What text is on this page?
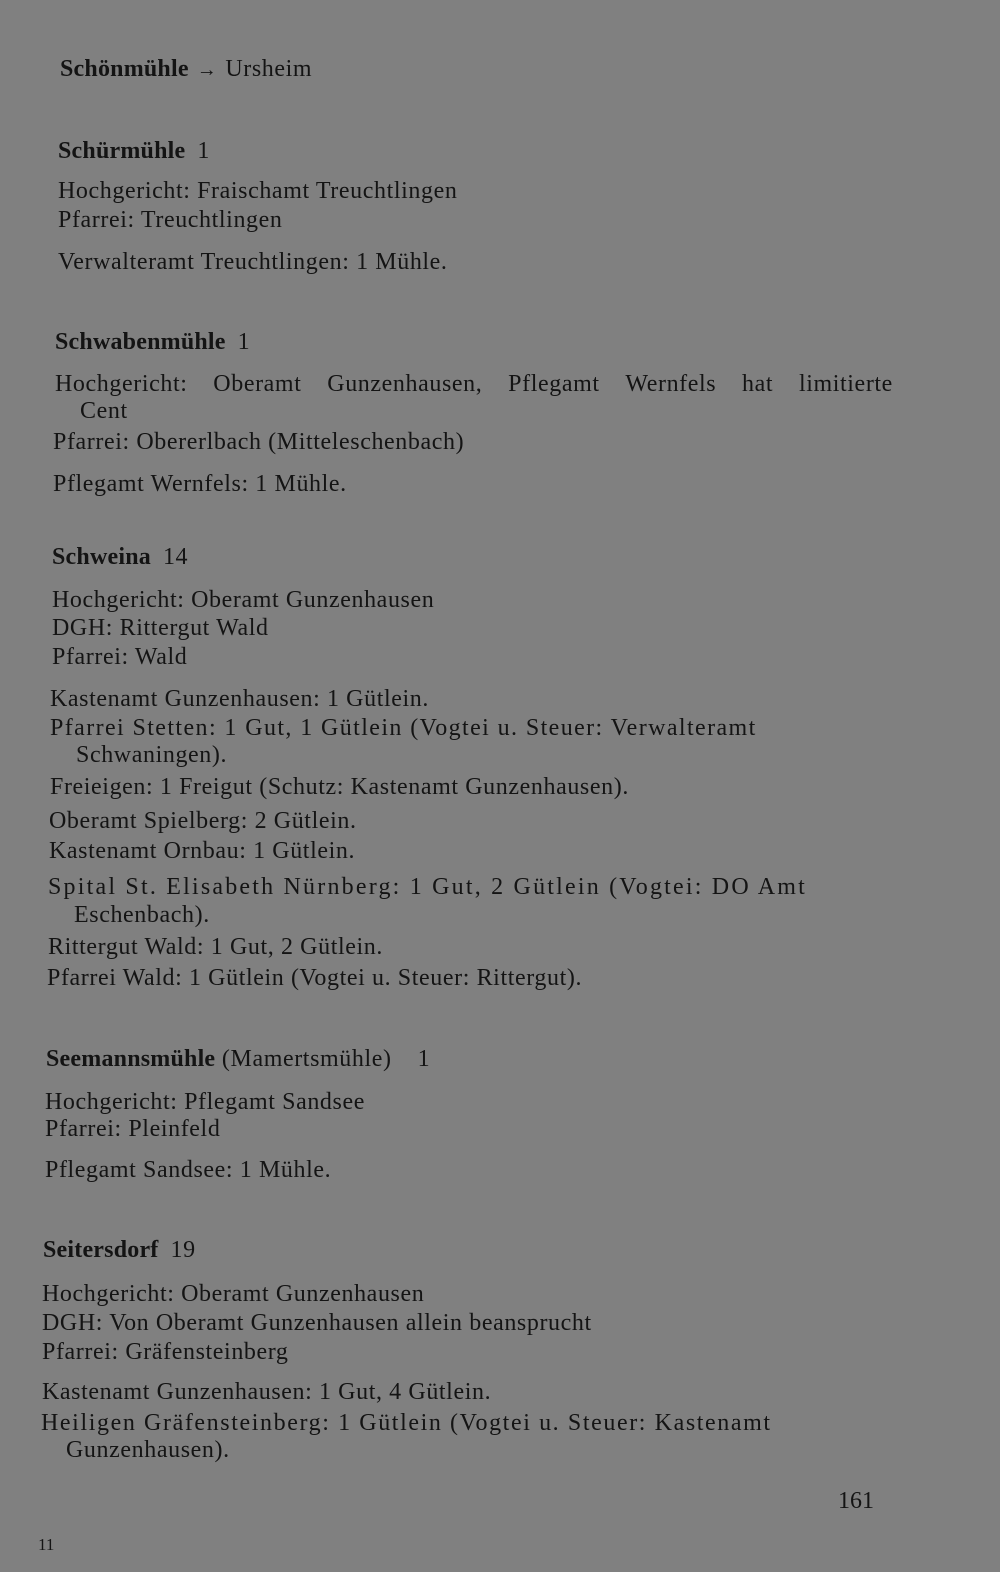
Schönmühle → Ursheim
Schürmühle 1
Hochgericht: Fraischamt Treuchtlingen
Pfarrei: Treuchtlingen
Verwalteramt Treuchtlingen: 1 Mühle.
Schwabenmühle 1
Hochgericht: Oberamt Gunzenhausen, Pflegamt Wernfels hat limitierte
Cent
Pfarrei: Obererlbach (Mitteleschenbach)
Pflegamt Wernfels: 1 Mühle.
Schweina 14
Hochgericht: Oberamt Gunzenhausen
DGH: Rittergut Wald
Pfarrei: Wald
Kastenamt Gunzenhausen: 1 Gütlein.
Pfarrei Stetten: 1 Gut, 1 Gütlein (Vogtei u. Steuer: Verwalteramt
Schwaningen).
Freieigen: 1 Freigut (Schutz: Kastenamt Gunzenhausen).
Oberamt Spielberg: 2 Gütlein.
Kastenamt Ornbau: 1 Gütlein.
Spital St. Elisabeth Nürnberg: 1 Gut, 2 Gütlein (Vogtei: DO Amt
Eschenbach).
Rittergut Wald: 1 Gut, 2 Gütlein.
Pfarrei Wald: 1 Gütlein (Vogtei u. Steuer: Rittergut).
Seemannsmühle (Mamertsmühle) 1
Hochgericht: Pflegamt Sandsee
Pfarrei: Pleinfeld
Pflegamt Sandsee: 1 Mühle.
Seitersdorf 19
Hochgericht: Oberamt Gunzenhausen
DGH: Von Oberamt Gunzenhausen allein beansprucht
Pfarrei: Gräfensteinberg
Kastenamt Gunzenhausen: 1 Gut, 4 Gütlein.
Heiligen Gräfensteinberg: 1 Gütlein (Vogtei u. Steuer: Kastenamt
Gunzenhausen).
11
161
